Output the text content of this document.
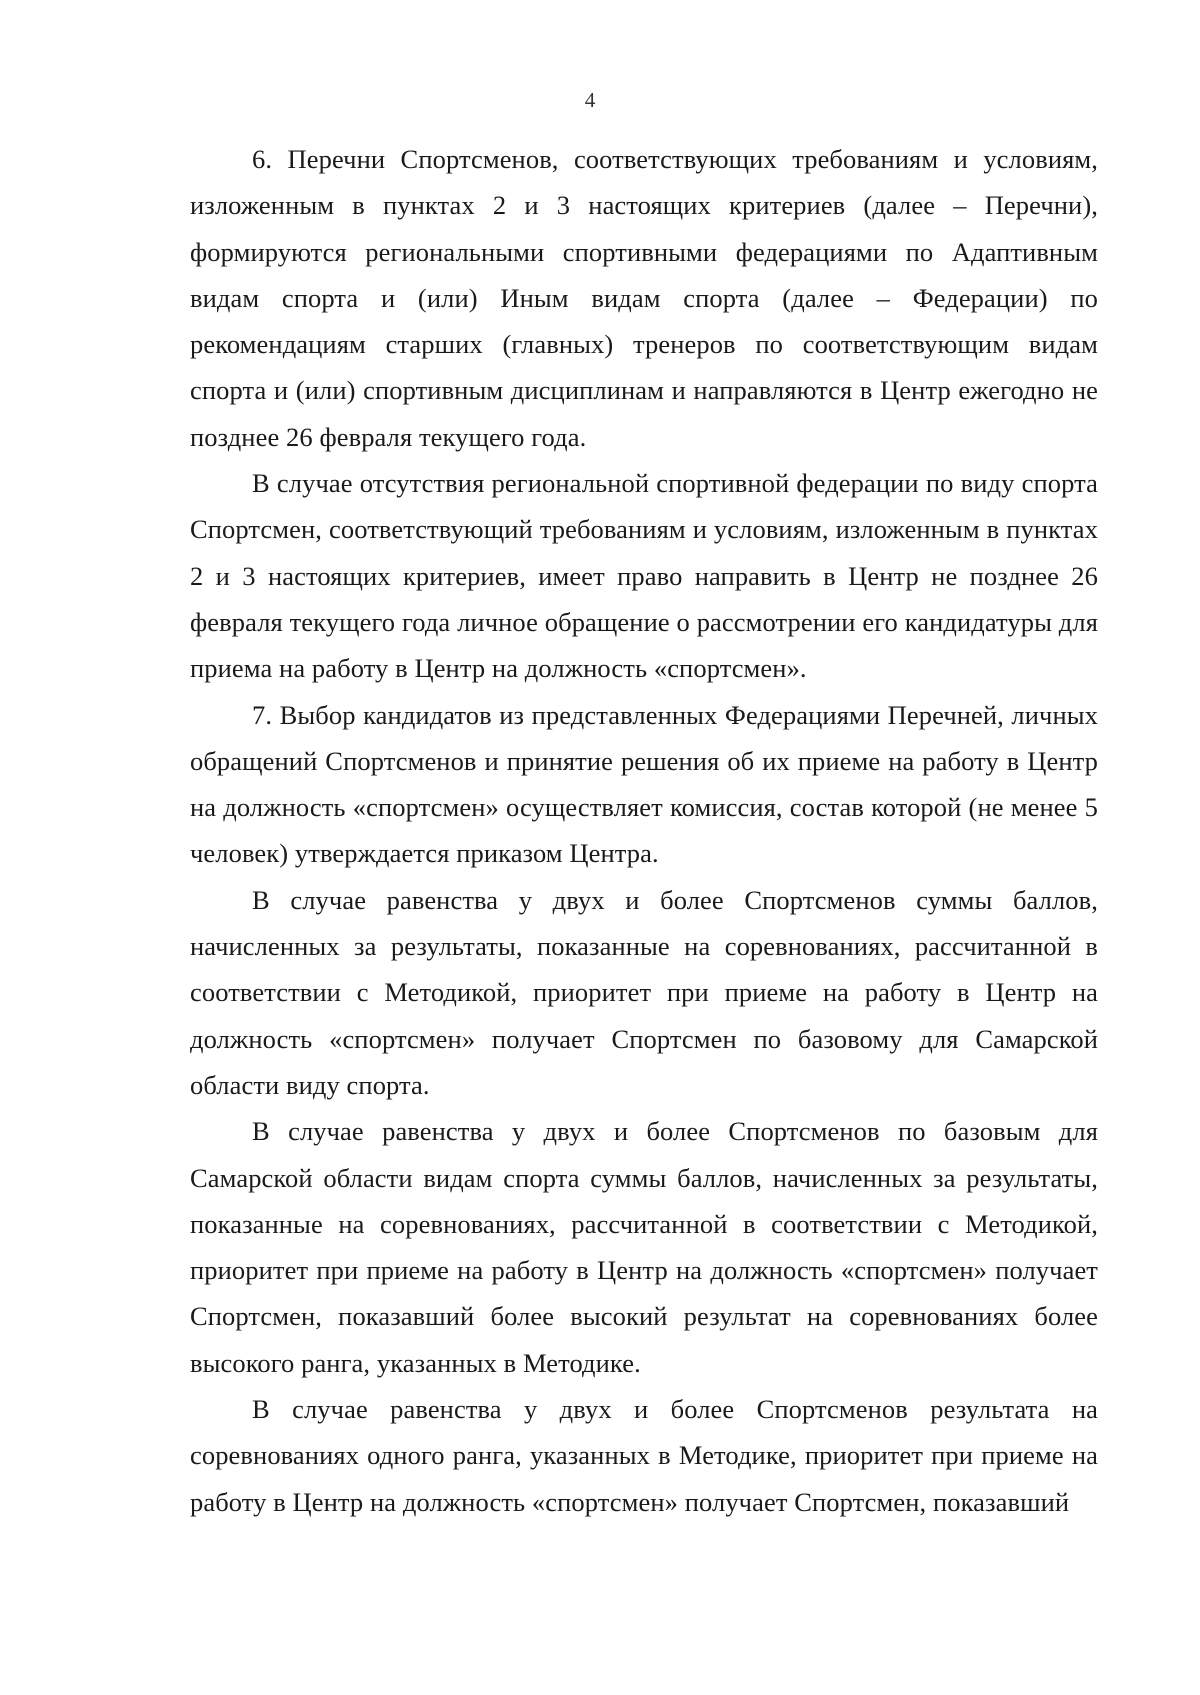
4

6. Перечни Спортсменов, соответствующих требованиям и условиям, изложенным в пунктах 2 и 3 настоящих критериев (далее – Перечни), формируются региональными спортивными федерациями по Адаптивным видам спорта и (или) Иным видам спорта (далее – Федерации) по рекомендациям старших (главных) тренеров по соответствующим видам спорта и (или) спортивным дисциплинам и направляются в Центр ежегодно не позднее 26 февраля текущего года.

В случае отсутствия региональной спортивной федерации по виду спорта Спортсмен, соответствующий требованиям и условиям, изложенным в пунктах 2 и 3 настоящих критериев, имеет право направить в Центр не позднее 26 февраля текущего года личное обращение о рассмотрении его кандидатуры для приема на работу в Центр на должность «спортсмен».

7. Выбор кандидатов из представленных Федерациями Перечней, личных обращений Спортсменов и принятие решения об их приеме на работу в Центр на должность «спортсмен» осуществляет комиссия, состав которой (не менее 5 человек) утверждается приказом Центра.

В случае равенства у двух и более Спортсменов суммы баллов, начисленных за результаты, показанные на соревнованиях, рассчитанной в соответствии с Методикой, приоритет при приеме на работу в Центр на должность «спортсмен» получает Спортсмен по базовому для Самарской области виду спорта.

В случае равенства у двух и более Спортсменов по базовым для Самарской области видам спорта суммы баллов, начисленных за результаты, показанные на соревнованиях, рассчитанной в соответствии с Методикой, приоритет при приеме на работу в Центр на должность «спортсмен» получает Спортсмен, показавший более высокий результат на соревнованиях более высокого ранга, указанных в Методике.

В случае равенства у двух и более Спортсменов результата на соревнованиях одного ранга, указанных в Методике, приоритет при приеме на работу в Центр на должность «спортсмен» получает Спортсмен, показавший
